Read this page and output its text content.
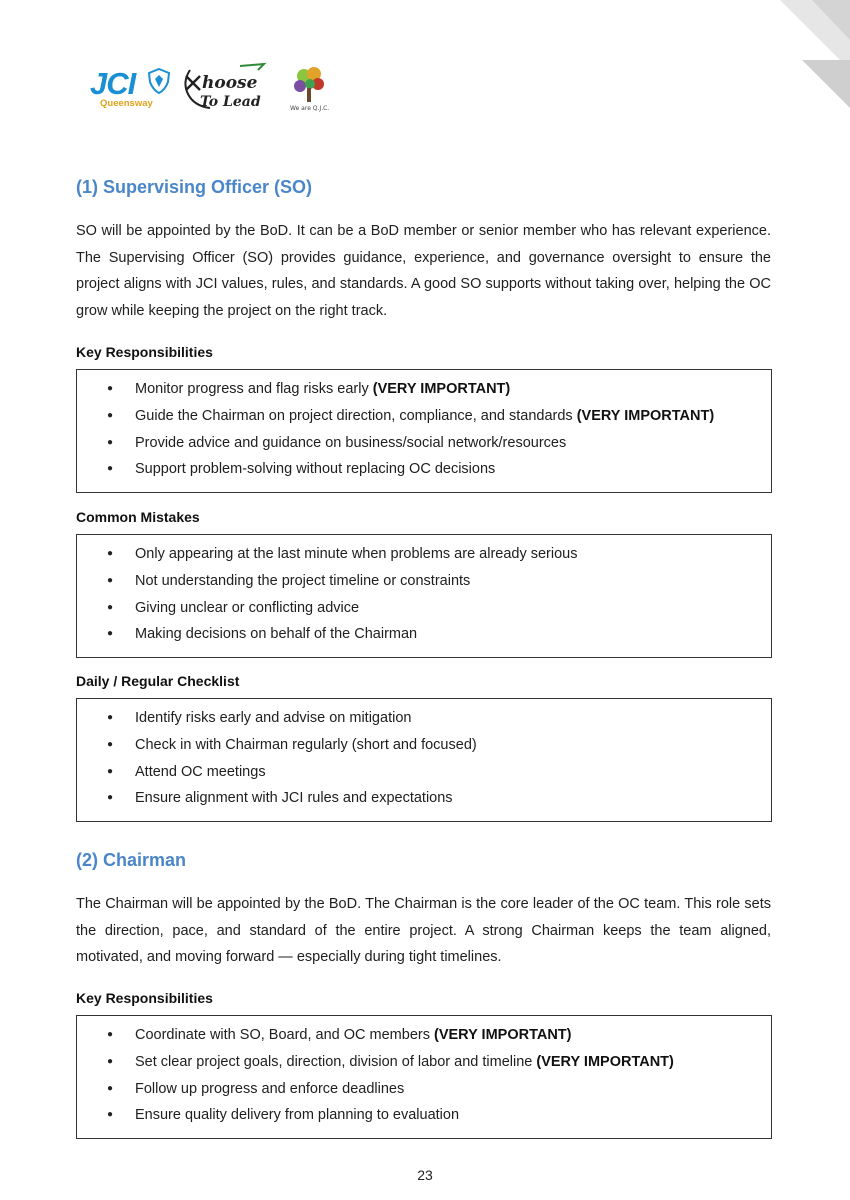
JCI
Queensway
hoose
To Lead	We are Q.J.C.
(1) Supervising Officer (SO)

SO will be appointed by the BoD. It can be a BoD member or senior member who has relevant experience. The Supervising Officer (SO) provides guidance, experience, and governance oversight to ensure the project aligns with JCI values, rules, and standards. A good SO supports without taking over, helping the OC grow while keeping the project on the right track.

Key Responsibilities
● Monitor progress and flag risks early (VERY IMPORTANT)
● Guide the Chairman on project direction, compliance, and standards (VERY IMPORTANT)
● Provide advice and guidance on business/social network/resources
● Support problem-solving without replacing OC decisions
Common Mistakes
● Only appearing at the last minute when problems are already serious
● Not understanding the project timeline or constraints
● Giving unclear or conflicting advice
● Making decisions on behalf of the Chairman
Daily / Regular Checklist
● Identify risks early and advise on mitigation
● Check in with Chairman regularly (short and focused)
● Attend OC meetings
● Ensure alignment with JCI rules and expectations
(2) Chairman

The Chairman will be appointed by the BoD. The Chairman is the core leader of the OC team. This role sets the direction, pace, and standard of the entire project. A strong Chairman keeps the team aligned, motivated, and moving forward — especially during tight timelines.

Key Responsibilities
● Coordinate with SO, Board, and OC members (VERY IMPORTANT)
● Set clear project goals, direction, division of labor and timeline (VERY IMPORTANT)
● Follow up progress and enforce deadlines
● Ensure quality delivery from planning to evaluation
23
